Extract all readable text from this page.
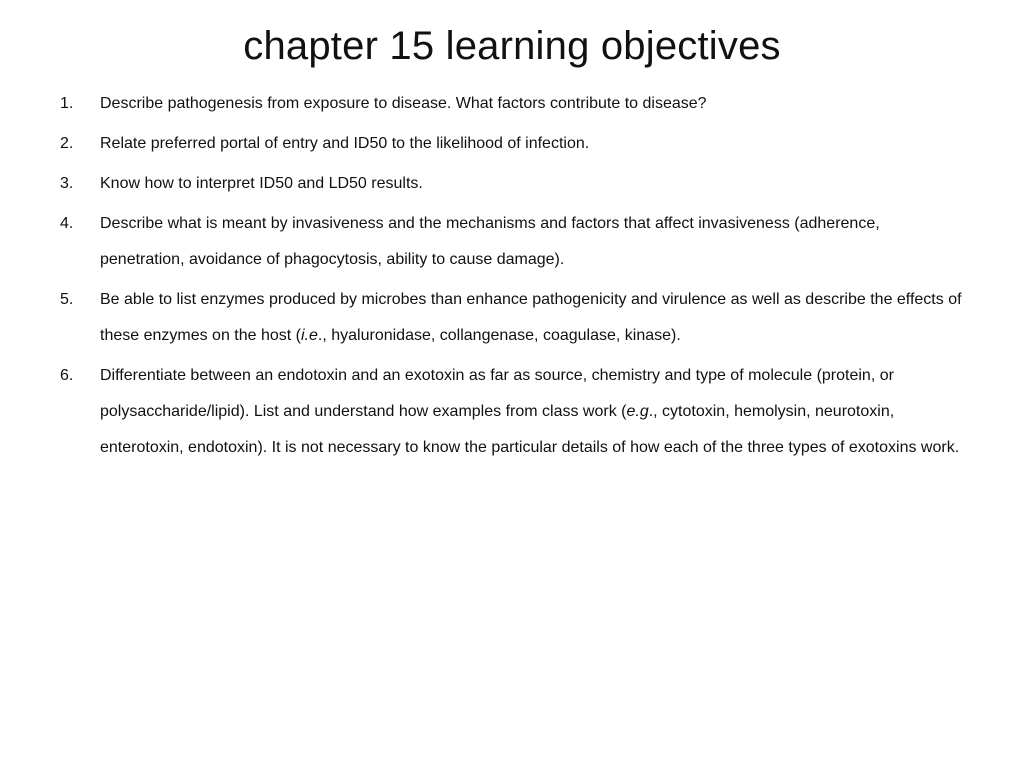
chapter 15 learning objectives
1. Describe pathogenesis from exposure to disease. What factors contribute to disease?
2. Relate preferred portal of entry and ID50 to the likelihood of infection.
3. Know how to interpret ID50 and LD50 results.
4. Describe what is meant by invasiveness and the mechanisms and factors that affect invasiveness (adherence, penetration, avoidance of phagocytosis, ability to cause damage).
5. Be able to list enzymes produced by microbes than enhance pathogenicity and virulence as well as describe the effects of these enzymes on the host (i.e., hyaluronidase, collangenase, coagulase, kinase).
6. Differentiate between an endotoxin and an exotoxin as far as source, chemistry and type of molecule (protein, or polysaccharide/lipid). List and understand how examples from class work (e.g., cytotoxin, hemolysin, neurotoxin, enterotoxin, endotoxin). It is not necessary to know the particular details of how each of the three types of exotoxins work.
